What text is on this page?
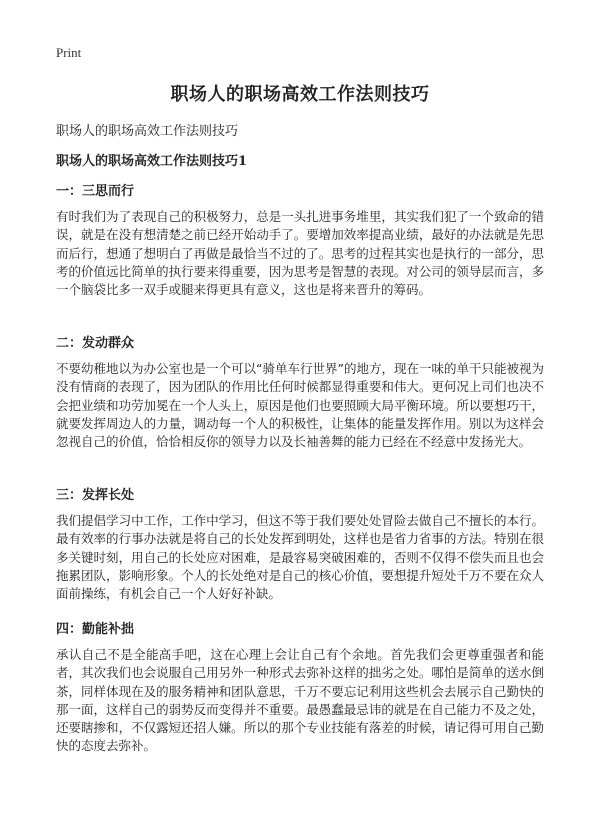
Print
职场人的职场高效工作法则技巧
职场人的职场高效工作法则技巧
职场人的职场高效工作法则技巧1
一：三思而行

有时我们为了表现自己的积极努力，总是一头扎进事务堆里，其实我们犯了一个致命的错误，就是在没有想清楚之前已经开始动手了。要增加效率提高业绩，最好的办法就是先思而后行，想通了想明白了再做是最恰当不过的了。思考的过程其实也是执行的一部分，思考的价值远比简单的执行要来得重要，因为思考是智慧的表现。对公司的领导层而言，多一个脑袋比多一双手或腿来得更具有意义，这也是将来晋升的筹码。

二：发动群众

不要幼稚地以为办公室也是一个可以“骑单车行世界”的地方，现在一味的单干只能被视为没有情商的表现了，因为团队的作用比任何时候都显得重要和伟大。更何况上司们也决不会把业绩和功劳加冕在一个人头上，原因是他们也要照顾大局平衡环境。所以要想巧干，就要发挥周边人的力量，调动每一个人的积极性，让集体的能量发挥作用。别以为这样会忽视自己的价值，恰恰相反你的领导力以及长袖善舞的能力已经在不经意中发扬光大。

三：发挥长处

我们提倡学习中工作，工作中学习，但这不等于我们要处处冒险去做自己不擅长的本行。最有效率的行事办法就是将自己的长处发挥到明处，这样也是省力省事的方法。特别在很多关键时刻，用自己的长处应对困难，是最容易突破困难的，否则不仅得不偿失而且也会拖累团队，影响形象。个人的长处绝对是自己的核心价值，要想提升短处千万不要在众人面前操练，有机会自己一个人好好补缺。

四：勤能补拙

承认自己不是全能高手吧，这在心理上会让自己有个余地。首先我们会更尊重强者和能者，其次我们也会说服自己用另外一种形式去弥补这样的拙劣之处。哪怕是简单的送水倒茶，同样体现在及的服务精神和团队意思，千万不要忘记利用这些机会去展示自己勤快的那一面，这样自己的弱势反而变得并不重要。最愚蠢最忌讳的就是在自己能力不及之处，还要瞎掺和，不仅露短还招人嫌。所以的那个专业技能有落差的时候，请记得可用自己勤快的态度去弥补。
